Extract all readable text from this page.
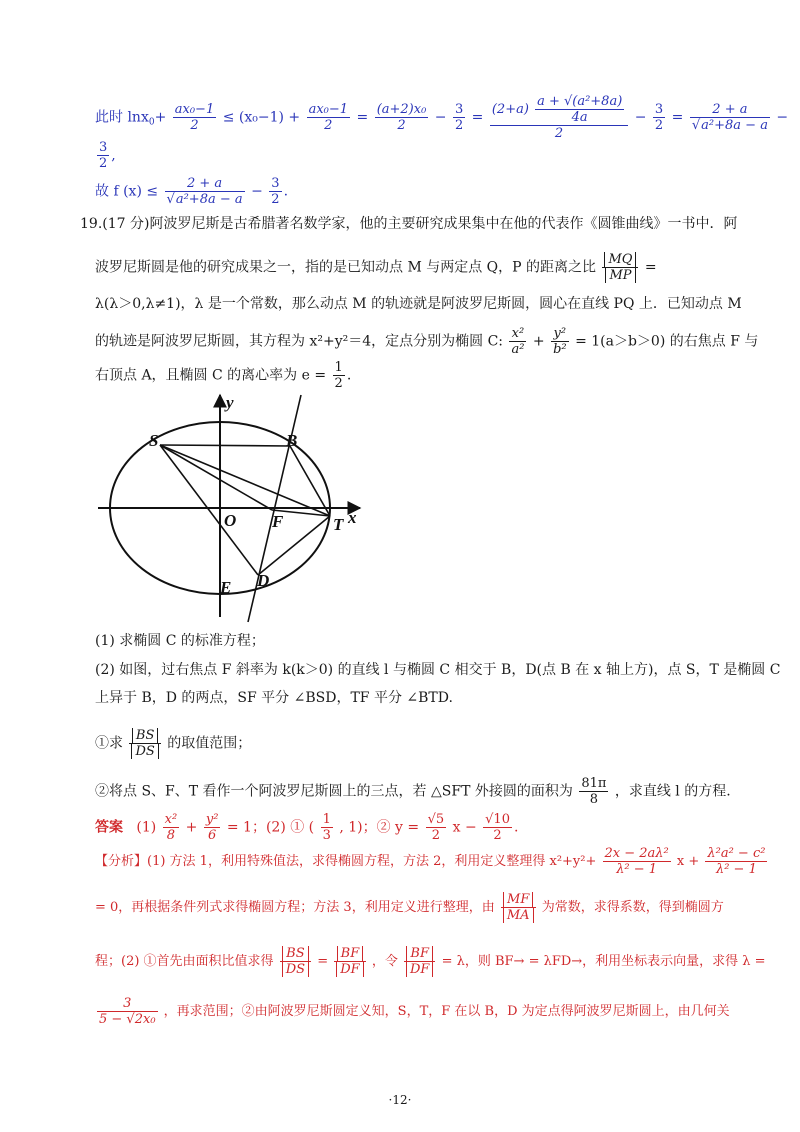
此时 $\ln x_0+ \frac{\text{ax₀−1}}{2} \le (x_0-1) + \frac{\text{ax₀−1}}{2} = \frac{\text{(a+2)x₀}}{2} - \frac{3}{2} = \frac{(2+a) \frac{\text{a + √(a²+8a)}}{4a}}{2} - \frac{3}{2} = \frac{2 + a}{\text{√a²+8a − a}}$ −
$\frac{3}{2}$ ,
故 f $(x) \le \frac{2 + a}{\text{√a²+8a − a}} - \frac{3}{2}$ .
19.(17 分)阿波罗尼斯是古希腊著名数学家，他的主要研究成果集中在他的代表作《圆锥曲线》一书中．阿
波罗尼斯圆是他的研究成果之一，指的是已知动点 M 与两定点 Q，P 的距离之比 $\frac{MQ}{MP}$ =
λ(λ＞0,λ≠1)，λ 是一个常数，那么动点 M 的轨迹就是阿波罗尼斯圆，圆心在直线 PQ 上．已知动点 M
的轨迹是阿波罗尼斯圆，其方程为 x²+y²＝4，定点分别为椭圆 C: $\frac{\text{x²}}{\text{a²}} + \frac{\text{y²}}{\text{b²}} = 1(a>b>0)$ 的右焦点 F 与
右顶点 A，且椭圆 C 的离心率为 $e = \frac{1}{2}$ .
y
x
S	B
O F	T
E D
(1) 求椭圆 C 的标准方程；
(2) 如图，过右焦点 F 斜率为 k(k＞0) 的直线 l 与椭圆 C 相交于 B，D(点 B 在 x 轴上方)，点 S，T 是椭圆 C
上异于 B，D 的两点，SF 平分 ∠BSD，TF 平分 ∠BTD.
①求 $\frac{BS}{DS}$ 的取值范围；
②将点 S、F、T 看作一个阿波罗尼斯圆上的三点，若 △SFT 外接圆的面积为 $\frac{81\pi}{8}$ ，求直线 l 的方程.
答案 $(1) \frac{\text{x²}}{8} + \frac{\text{y²}}{6} = 1$；(2) ① ( $\frac{1}{3}$ , 1)；② $y = \frac{√5}{2}$ $x - \frac{√10}{2}$ .
【分析】(1) 方法 1，利用特殊值法，求得椭圆方程，方法 2，利用定义整理得 $x^2+y^2+ \frac{\text{2x − 2aλ²}}{\text{λ² − 1}}$ $x + \frac{\text{λ²a² − c²}}{\text{λ² − 1}}$
= 0，再根据条件列式求得椭圆方程；方法 3，利用定义进行整理，由 $\frac{MF}{MA}$ 为常数，求得系数，得到椭圆方
程；(2) ①首先由面积比值求得 $\frac{BS}{DS} = \frac{BF}{DF}$ ，令 $\frac{BF}{DF} = \lambda$，则 BF→ = λFD→，利用坐标表示向量，求得 λ =
$\frac{3}{\text{5 − √2x₀}}$ ，再求范围；②由阿波罗尼斯圆定义知，S，T，F 在以 B，D 为定点得阿波罗尼斯圆上，由几何关
·12·
